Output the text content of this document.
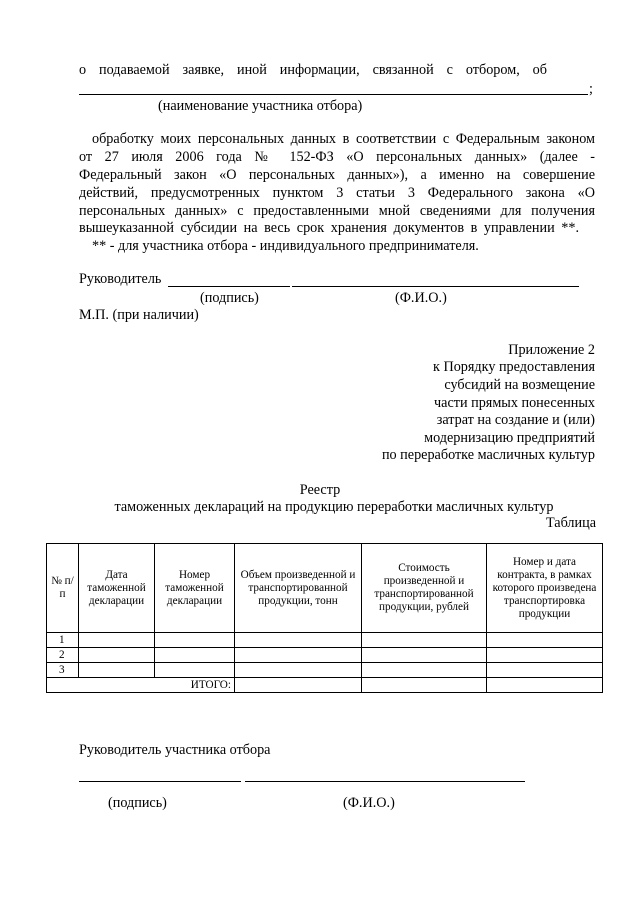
о подаваемой заявке, иной информации, связанной с отбором, об
;
(наименование участника отбора)
обработку моих персональных данных в соответствии с Федеральным законом
от 27 июля 2006 года № 152-ФЗ «О персональных данных» (далее -
Федеральный закон «О персональных данных»), а именно на совершение
действий, предусмотренных пунктом 3 статьи 3 Федерального закона «О
персональных данных» с предоставленными мной сведениями для получения
вышеуказанной субсидии на весь срок хранения документов в управлении **.
** - для участника отбора - индивидуального предпринимателя.
Руководитель
(подпись)	(Ф.И.О.)
М.П. (при наличии)
Приложение 2
к Порядку предоставления
субсидий на возмещение
части прямых понесенных
затрат на создание и (или)
модернизацию предприятий
по переработке масличных культур
Реестр
таможенных деклараций на продукцию переработки масличных культур
Таблица
№ п/п	Дата таможенной декларации	Номер таможенной декларации	Объем произведенной и транспортированной продукции, тонн	Стоимость произведенной и транспортированной продукции, рублей	Номер и дата контракта, в рамках которого произведена транспортировка продукции
1					
2					
3					
ИТОГО:					
Руководитель участника отбора
(подпись)	(Ф.И.О.)
